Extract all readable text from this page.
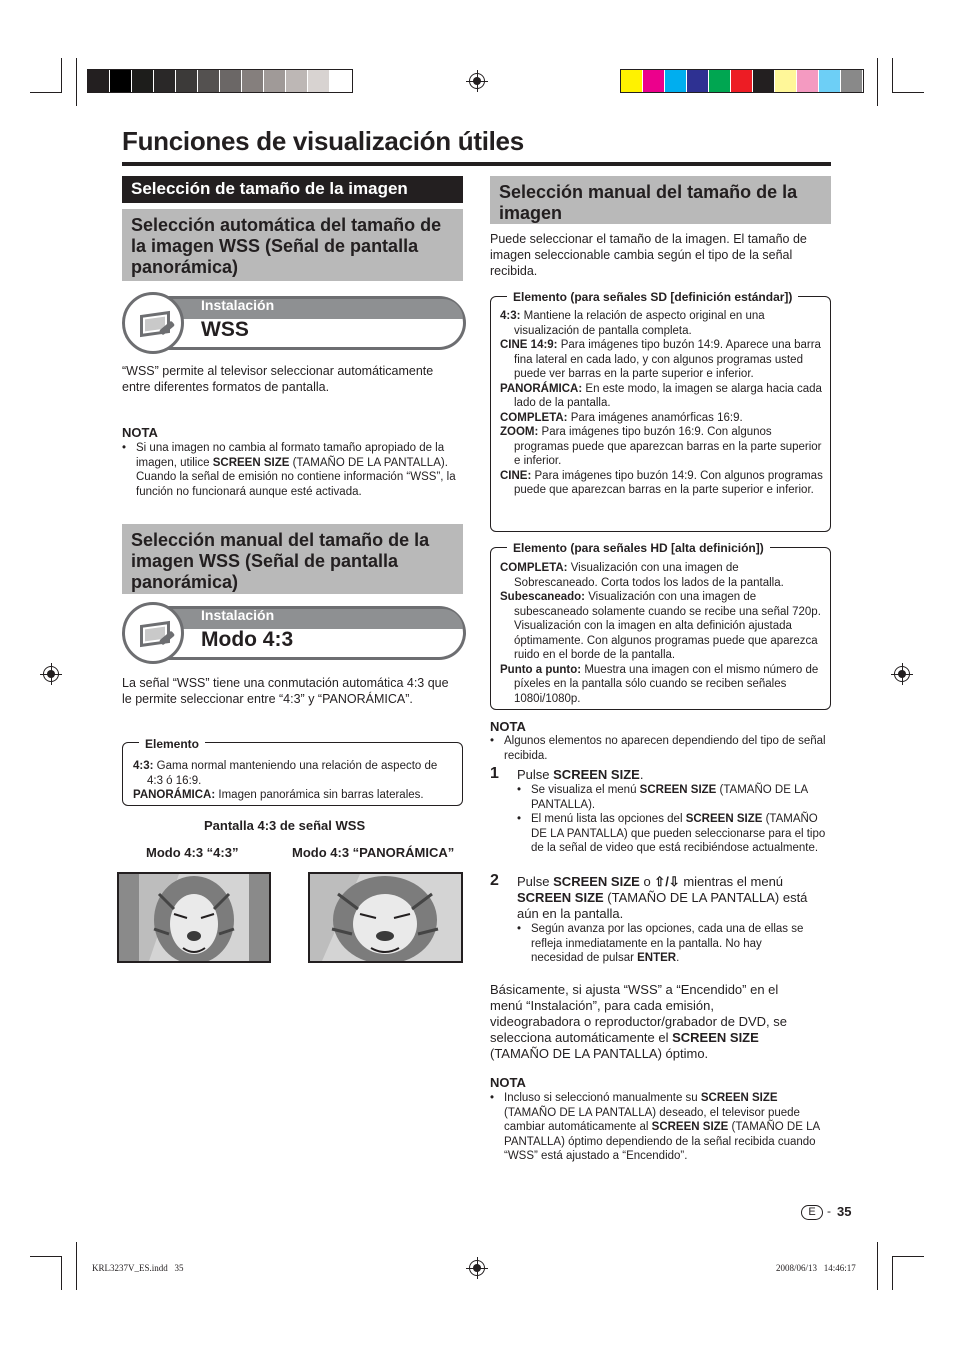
Funciones de visualización útiles
Selección de tamaño de la imagen
Selección automática del tamaño de la imagen WSS (Señal de pantalla panorámica)
Instalación
WSS
“WSS” permite al televisor seleccionar automáticamente entre diferentes formatos de pantalla.
NOTA
• Si una imagen no cambia al formato tamaño apropiado de la imagen, utilice SCREEN SIZE (TAMAÑO DE LA PANTALLA). Cuando la señal de emisión no contiene información “WSS”, la función no funcionará aunque esté activada.
Selección manual del tamaño de la imagen WSS (Señal de pantalla panorámica)
Instalación
Modo 4:3
La señal “WSS” tiene una conmutación automática 4:3 que le permite seleccionar entre “4:3” y “PANORÁMICA”.
4:3: Gama normal manteniendo una relación de aspecto de 4:3 ó 16:9.
PANORÁMICA: Imagen panorámica sin barras laterales.
Elemento
Pantalla 4:3 de señal WSS
Modo 4:3 “4:3”	Modo 4:3 “PANORÁMICA”
Selección manual del tamaño de la imagen
Puede seleccionar el tamaño de la imagen. El tamaño de imagen seleccionable cambia según el tipo de la señal recibida.
4:3: Mantiene la relación de aspecto original en una visualización de pantalla completa.
CINE 14:9: Para imágenes tipo buzón 14:9. Aparece una barra fina lateral en cada lado, y con algunos programas usted puede ver barras en la parte superior e inferior.
PANORÁMICA: En este modo, la imagen se alarga hacia cada lado de la pantalla.
COMPLETA: Para imágenes anamórficas 16:9.
ZOOM: Para imágenes tipo buzón 16:9. Con algunos programas puede que aparezcan barras en la parte superior e inferior.
CINE: Para imágenes tipo buzón 14:9. Con algunos programas puede que aparezcan barras en la parte superior e inferior.
Elemento (para señales SD [definición estándar])
COMPLETA: Visualización con una imagen de Sobrescaneado. Corta todos los lados de la pantalla.
Subescaneado: Visualización con una imagen de subescaneado solamente cuando se recibe una señal 720p. Visualización con la imagen en alta definición ajustada óptimamente. Con algunos programas puede que aparezca ruido en el borde de la pantalla.
Punto a punto: Muestra una imagen con el mismo número de píxeles en la pantalla sólo cuando se reciben señales 1080i/1080p.
Elemento (para señales HD [alta definición])
NOTA
• Algunos elementos no aparecen dependiendo del tipo de señal recibida.
1 Pulse SCREEN SIZE.
• Se visualiza el menú SCREEN SIZE (TAMAÑO DE LA PANTALLA).
• El menú lista las opciones del SCREEN SIZE (TAMAÑO DE LA PANTALLA) que pueden seleccionarse para el tipo de la señal de video que está recibiéndose actualmente.
2 Pulse SCREEN SIZE o ⇧/⇩ mientras el menú SCREEN SIZE (TAMAÑO DE LA PANTALLA) está aún en la pantalla.
• Según avanza por las opciones, cada una de ellas se refleja inmediatamente en la pantalla. No hay necesidad de pulsar ENTER.
Básicamente, si ajusta “WSS” a “Encendido” en el menú “Instalación”, para cada emisión, videograbadora o reproductor/grabador de DVD, se selecciona automáticamente el SCREEN SIZE (TAMAÑO DE LA PANTALLA) óptimo.
NOTA
• Incluso si seleccionó manualmente su SCREEN SIZE (TAMAÑO DE LA PANTALLA) deseado, el televisor puede cambiar automáticamente al SCREEN SIZE (TAMAÑO DE LA PANTALLA) óptimo dependiendo de la señal recibida cuando “WSS” está ajustado a “Encendido”.
E - 35
KRL3237V_ES.indd   35	2008/06/13   14:46:17
